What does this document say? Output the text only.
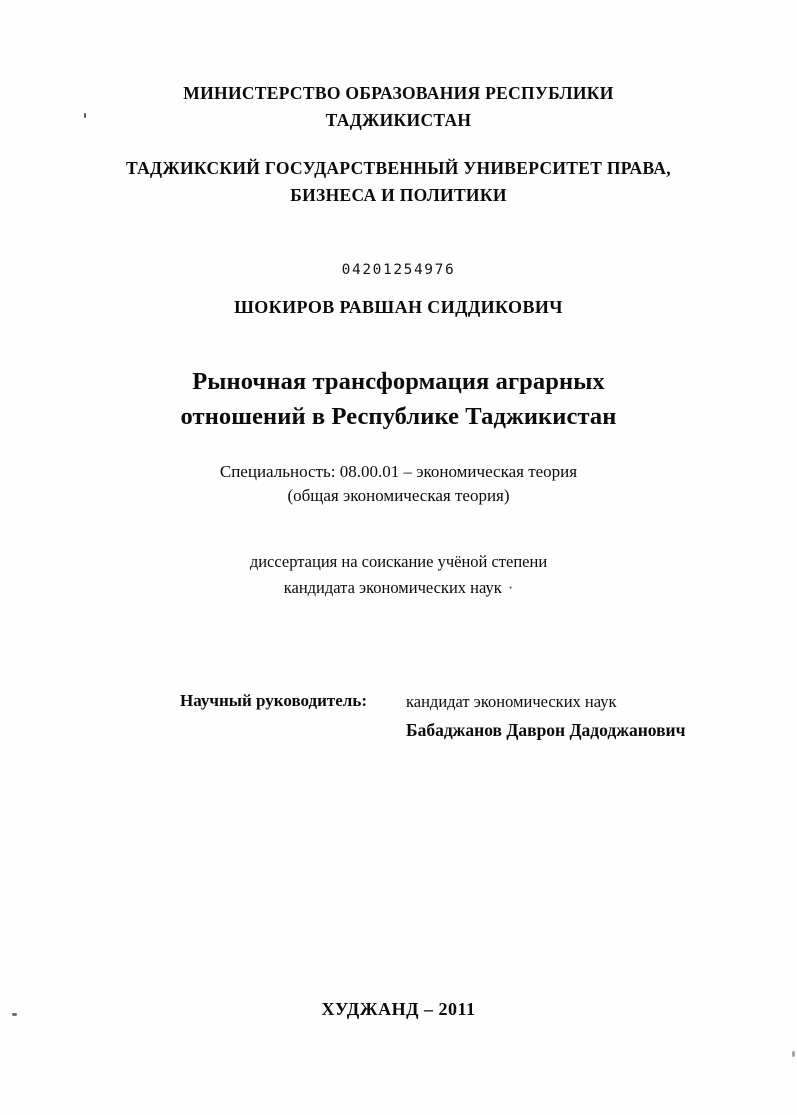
МИНИСТЕРСТВО ОБРАЗОВАНИЯ РЕСПУБЛИКИ
ТАДЖИКИСТАН
ТАДЖИКСКИЙ ГОСУДАРСТВЕННЫЙ УНИВЕРСИТЕТ ПРАВА,
БИЗНЕСА И ПОЛИТИКИ
04201254976
ШОКИРОВ РАВШАН СИДДИКОВИЧ
Рыночная трансформация аграрных
отношений в Республике Таджикистан
Специальность: 08.00.01 – экономическая теория
(общая экономическая теория)
диссертация на соискание учёной степени
кандидата экономических наук ·
Научный руководитель: кандидат экономических наук
Бабаджанов Даврон Дадоджанович
ХУДЖАНД – 2011
